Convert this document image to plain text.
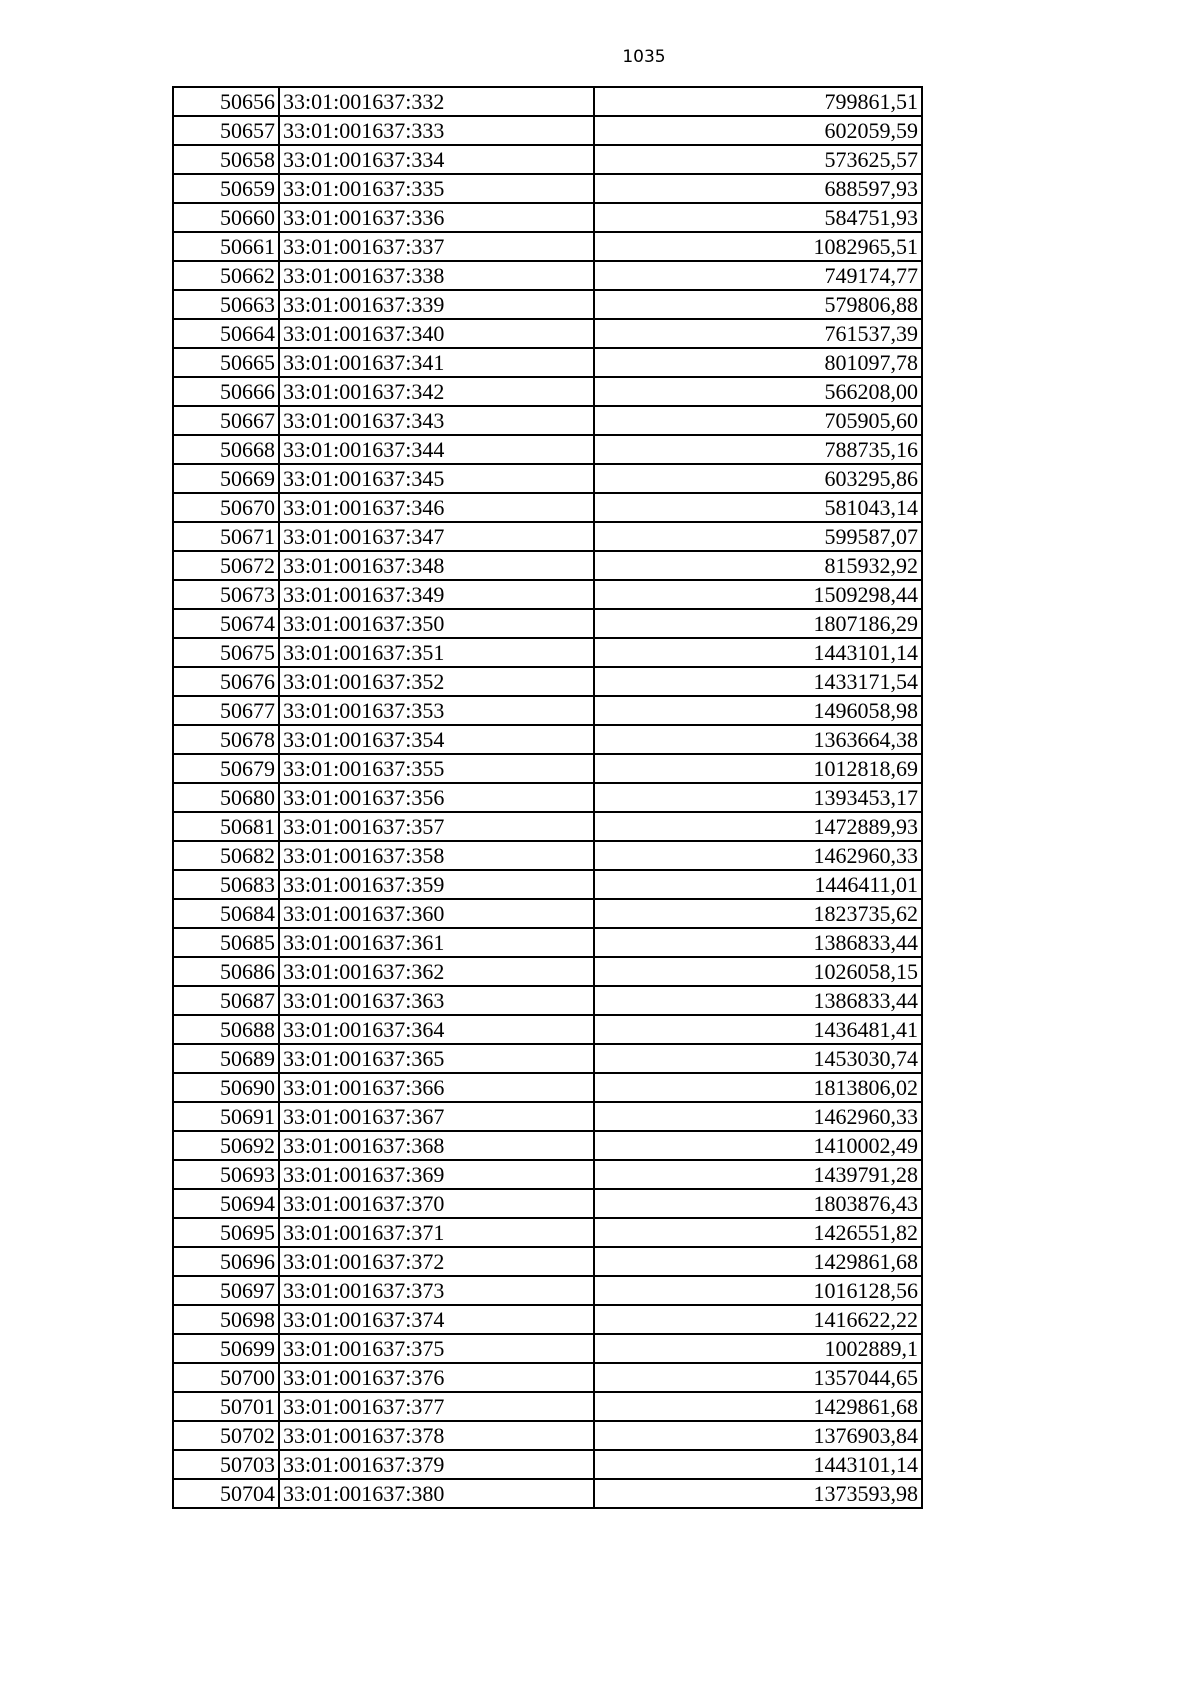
1035
50656	33:01:001637:332	799861,51
50657	33:01:001637:333	602059,59
50658	33:01:001637:334	573625,57
50659	33:01:001637:335	688597,93
50660	33:01:001637:336	584751,93
50661	33:01:001637:337	1082965,51
50662	33:01:001637:338	749174,77
50663	33:01:001637:339	579806,88
50664	33:01:001637:340	761537,39
50665	33:01:001637:341	801097,78
50666	33:01:001637:342	566208,00
50667	33:01:001637:343	705905,60
50668	33:01:001637:344	788735,16
50669	33:01:001637:345	603295,86
50670	33:01:001637:346	581043,14
50671	33:01:001637:347	599587,07
50672	33:01:001637:348	815932,92
50673	33:01:001637:349	1509298,44
50674	33:01:001637:350	1807186,29
50675	33:01:001637:351	1443101,14
50676	33:01:001637:352	1433171,54
50677	33:01:001637:353	1496058,98
50678	33:01:001637:354	1363664,38
50679	33:01:001637:355	1012818,69
50680	33:01:001637:356	1393453,17
50681	33:01:001637:357	1472889,93
50682	33:01:001637:358	1462960,33
50683	33:01:001637:359	1446411,01
50684	33:01:001637:360	1823735,62
50685	33:01:001637:361	1386833,44
50686	33:01:001637:362	1026058,15
50687	33:01:001637:363	1386833,44
50688	33:01:001637:364	1436481,41
50689	33:01:001637:365	1453030,74
50690	33:01:001637:366	1813806,02
50691	33:01:001637:367	1462960,33
50692	33:01:001637:368	1410002,49
50693	33:01:001637:369	1439791,28
50694	33:01:001637:370	1803876,43
50695	33:01:001637:371	1426551,82
50696	33:01:001637:372	1429861,68
50697	33:01:001637:373	1016128,56
50698	33:01:001637:374	1416622,22
50699	33:01:001637:375	1002889,1
50700	33:01:001637:376	1357044,65
50701	33:01:001637:377	1429861,68
50702	33:01:001637:378	1376903,84
50703	33:01:001637:379	1443101,14
50704	33:01:001637:380	1373593,98
